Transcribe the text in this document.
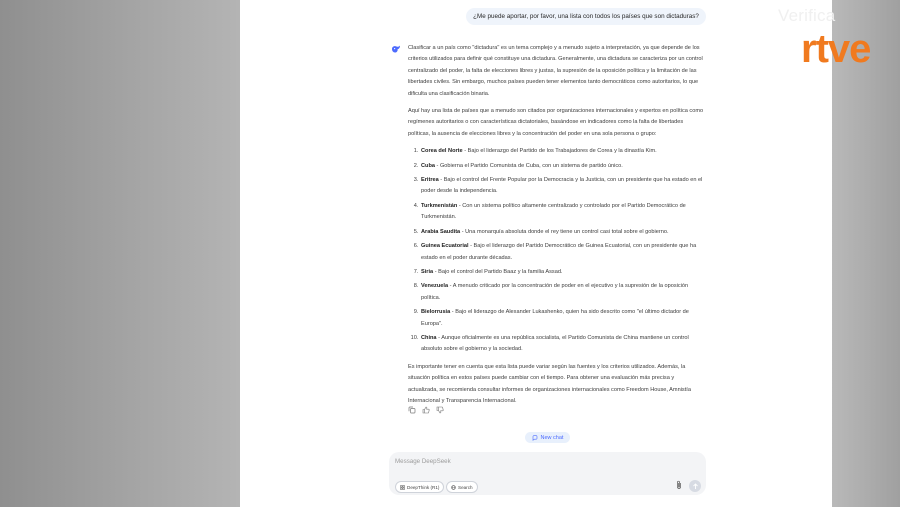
¿Me puede aportar, por favor, una lista con todos los países que son dictaduras?

Clasificar a un país como "dictadura" es un tema complejo y a menudo sujeto a interpretación, ya que depende de los criterios utilizados para definir qué constituye una dictadura. Generalmente, una dictadura se caracteriza por un control centralizado del poder, la falta de elecciones libres y justas, la supresión de la oposición política y la limitación de las libertades civiles. Sin embargo, muchos países pueden tener elementos tanto democráticos como autoritarios, lo que dificulta una clasificación binaria.

Aquí hay una lista de países que a menudo son citados por organizaciones internacionales y expertos en política como regímenes autoritarios o con características dictatoriales, basándose en indicadores como la falta de libertades políticas, la ausencia de elecciones libres y la concentración del poder en una sola persona o grupo:

1. Corea del Norte - Bajo el liderazgo del Partido de los Trabajadores de Corea y la dinastía Kim.
2. Cuba - Gobierna el Partido Comunista de Cuba, con un sistema de partido único.
3. Eritrea - Bajo el control del Frente Popular por la Democracia y la Justicia, con un presidente que ha estado en el poder desde la independencia.
4. Turkmenistán - Con un sistema político altamente centralizado y controlado por el Partido Democrático de Turkmenistán.
5. Arabia Saudita - Una monarquía absoluta donde el rey tiene un control casi total sobre el gobierno.
6. Guinea Ecuatorial - Bajo el liderazgo del Partido Democrático de Guinea Ecuatorial, con un presidente que ha estado en el poder durante décadas.
7. Siria - Bajo el control del Partido Baaz y la familia Assad.
8. Venezuela - A menudo criticado por la concentración de poder en el ejecutivo y la supresión de la oposición política.
9. Bielorrusia - Bajo el liderazgo de Alexander Lukashenko, quien ha sido descrito como "el último dictador de Europa".
10. China - Aunque oficialmente es una república socialista, el Partido Comunista de China mantiene un control absoluto sobre el gobierno y la sociedad.

Es importante tener en cuenta que esta lista puede variar según las fuentes y los criterios utilizados. Además, la situación política en estos países puede cambiar con el tiempo. Para obtener una evaluación más precisa y actualizada, se recomienda consultar informes de organizaciones internacionales como Freedom House, Amnistía Internacional y Transparencia Internacional.

New chat
Message DeepSeek
DeepThink (R1)	Search
Verifica
rtve
